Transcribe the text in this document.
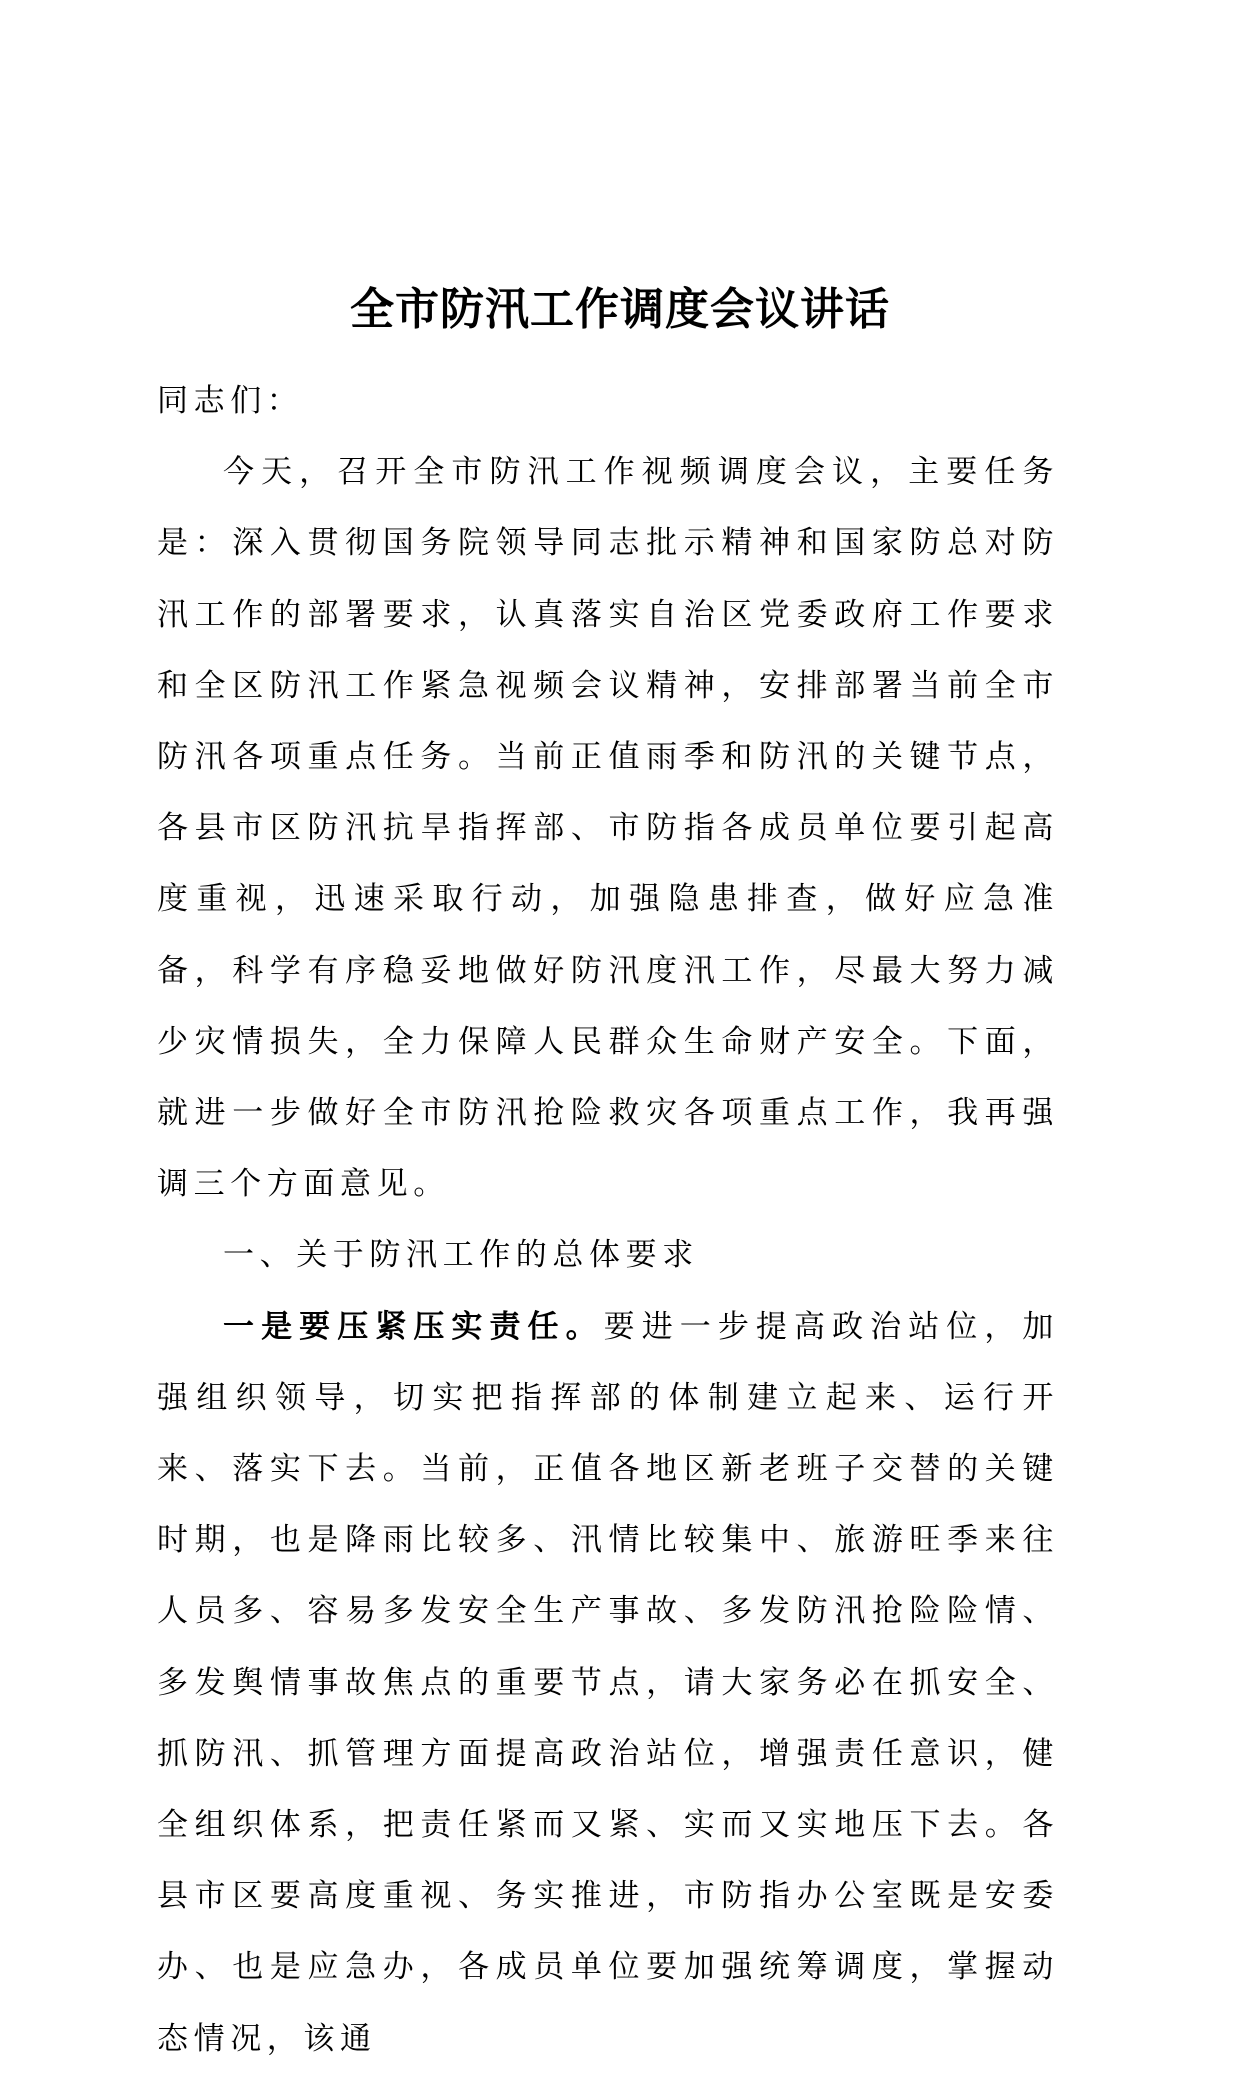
全市防汛工作调度会议讲话

同志们：

今天，召开全市防汛工作视频调度会议，主要任务是：深入贯彻国务院领导同志批示精神和国家防总对防汛工作的部署要求，认真落实自治区党委政府工作要求和全区防汛工作紧急视频会议精神，安排部署当前全市防汛各项重点任务。当前正值雨季和防汛的关键节点，各县市区防汛抗旱指挥部、市防指各成员单位要引起高度重视，迅速采取行动，加强隐患排查，做好应急准备，科学有序稳妥地做好防汛度汛工作，尽最大努力减少灾情损失，全力保障人民群众生命财产安全。下面，就进一步做好全市防汛抢险救灾各项重点工作，我再强调三个方面意见。

一、关于防汛工作的总体要求

一是要压紧压实责任。要进一步提高政治站位，加强组织领导，切实把指挥部的体制建立起来、运行开来、落实下去。当前，正值各地区新老班子交替的关键时期，也是降雨比较多、汛情比较集中、旅游旺季来往人员多、容易多发安全生产事故、多发防汛抢险险情、多发舆情事故焦点的重要节点，请大家务必在抓安全、抓防汛、抓管理方面提高政治站位，增强责任意识，健全组织体系，把责任紧而又紧、实而又实地压下去。各县市区要高度重视、务实推进，市防指办公室既是安委办、也是应急办，各成员单位要加强统筹调度，掌握动态情况，该通
